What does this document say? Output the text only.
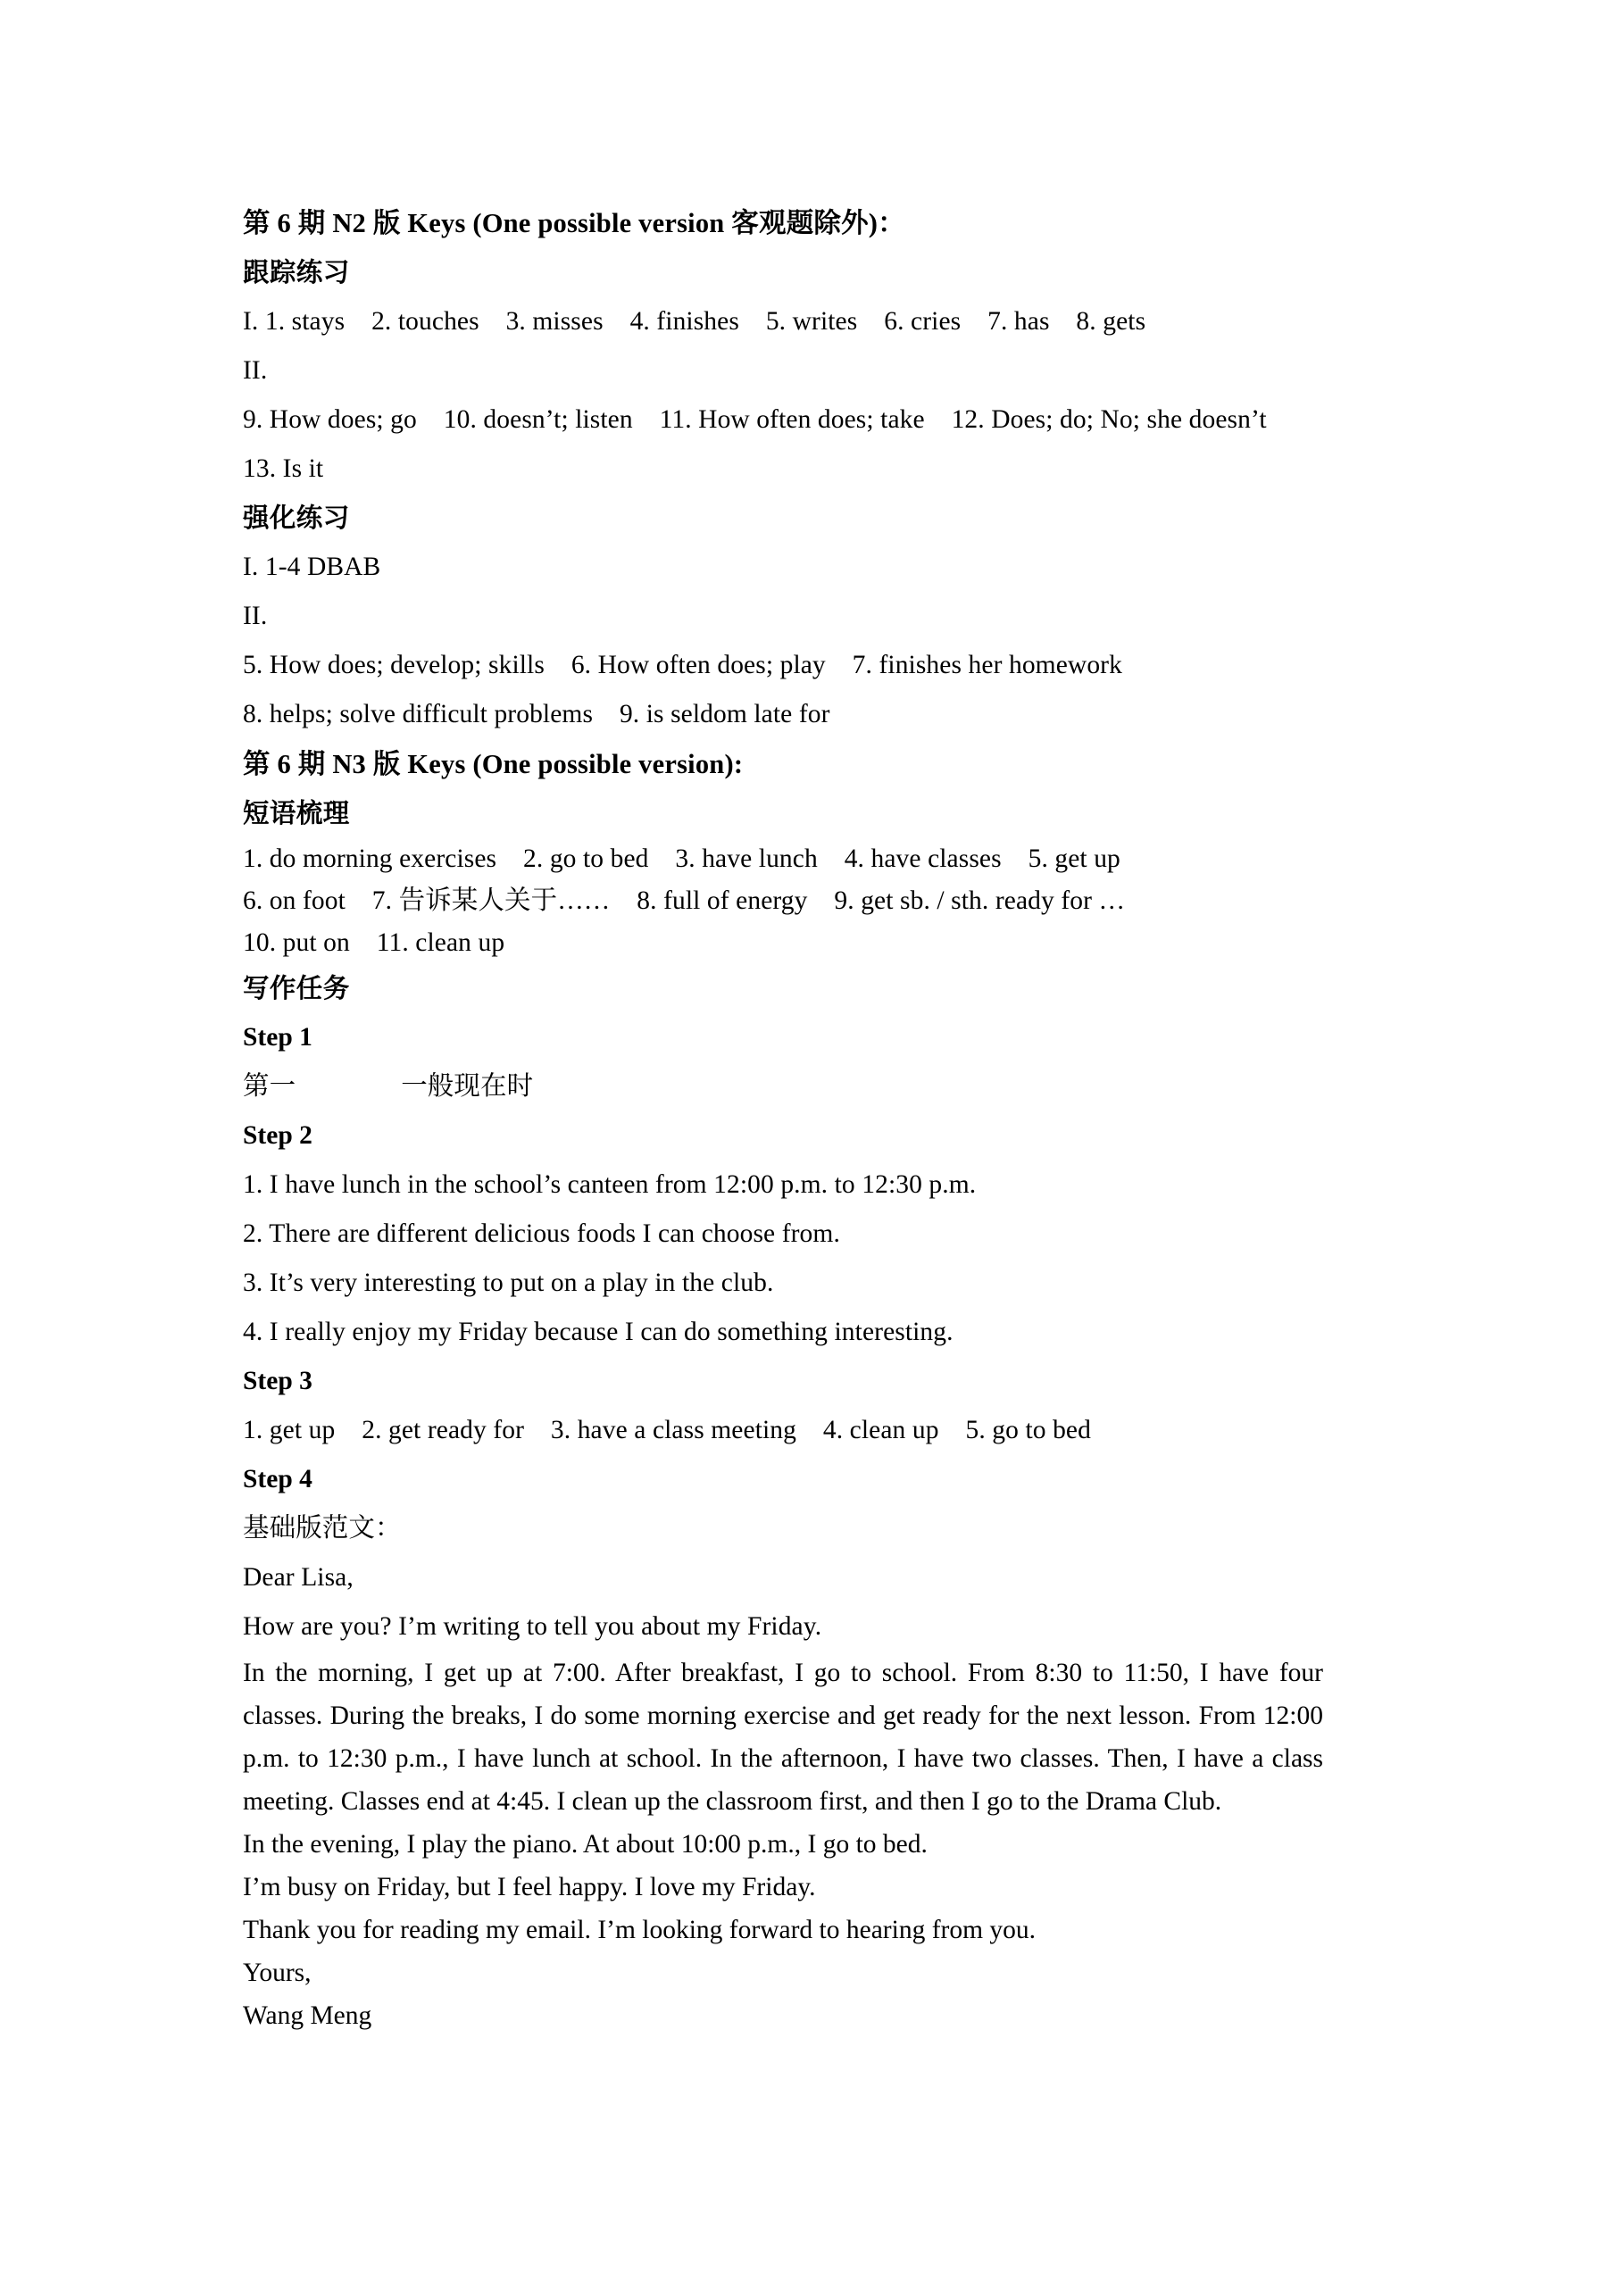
第 6 期 N2 版 Keys (One possible version 客观题除外)：
跟踪练习
I. 1. stays    2. touches    3. misses    4. finishes    5. writes    6. cries    7. has    8. gets
II.
9. How does; go    10. doesn’t; listen    11. How often does; take    12. Does; do; No; she doesn’t
13. Is it
强化练习
I. 1-4 DBAB
II.
5. How does; develop; skills    6. How often does; play    7. finishes her homework
8. helps; solve difficult problems    9. is seldom late for
第 6 期 N3 版 Keys (One possible version):
短语梳理
1. do morning exercises    2. go to bed    3. have lunch    4. have classes    5. get up
6. on foot    7. 告诉某人关于……    8. full of energy    9. get sb. / sth. ready for …
10. put on    11. clean up
写作任务
Step 1
第一	一般现在时
Step 2
1. I have lunch in the school’s canteen from 12:00 p.m. to 12:30 p.m.
2. There are different delicious foods I can choose from.
3. It’s very interesting to put on a play in the club.
4. I really enjoy my Friday because I can do something interesting.
Step 3
1. get up    2. get ready for    3. have a class meeting    4. clean up    5. go to bed
Step 4
基础版范文：
Dear Lisa,
How are you? I’m writing to tell you about my Friday.
In the morning, I get up at 7:00. After breakfast, I go to school. From 8:30 to 11:50, I have four classes. During the breaks, I do some morning exercise and get ready for the next lesson. From 12:00 p.m. to 12:30 p.m., I have lunch at school. In the afternoon, I have two classes. Then, I have a class meeting. Classes end at 4:45. I clean up the classroom first, and then I go to the Drama Club.
In the evening, I play the piano. At about 10:00 p.m., I go to bed.
I’m busy on Friday, but I feel happy. I love my Friday.
Thank you for reading my email. I’m looking forward to hearing from you.
Yours,
Wang Meng
